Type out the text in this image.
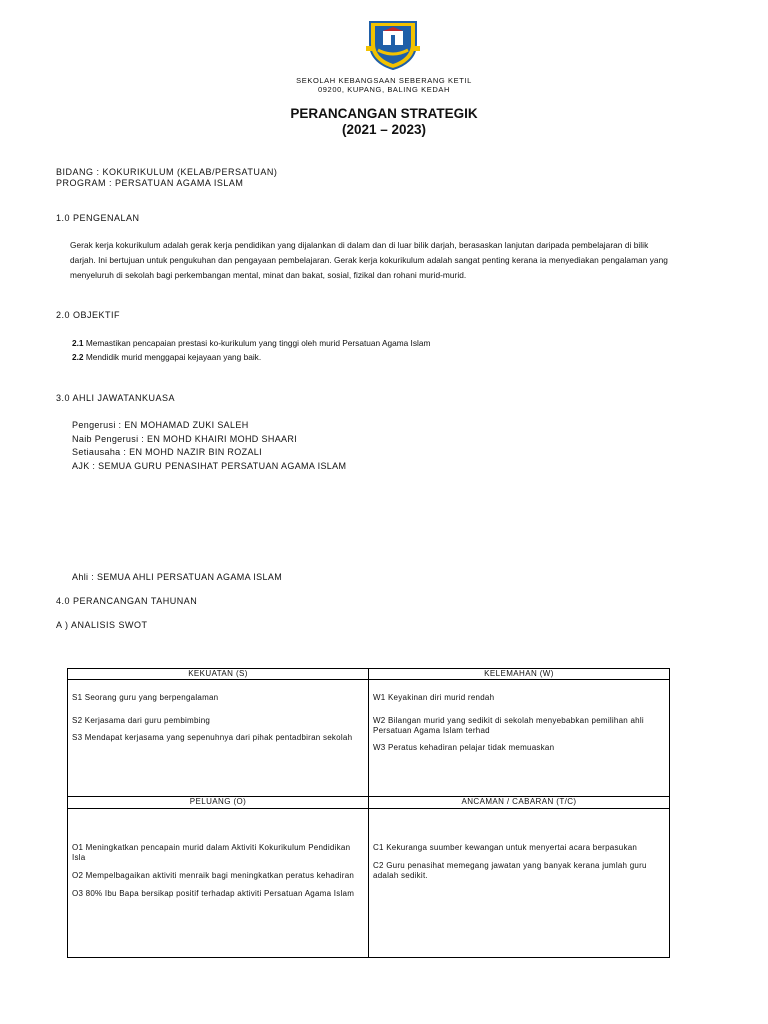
SEKOLAH KEBANGSAAN SEBERANG KETIL
09200, KUPANG, BALING KEDAH
PERANCANGAN STRATEGIK
(2021 – 2023)
BIDANG : KOKURIKULUM (KELAB/PERSATUAN)
PROGRAM : PERSATUAN AGAMA ISLAM
1.0 PENGENALAN
Gerak kerja kokurikulum adalah gerak kerja pendidikan yang dijalankan di dalam dan di luar bilik darjah, berasaskan lanjutan daripada pembelajaran di bilik
darjah. Ini bertujuan untuk pengukuhan dan pengayaan pembelajaran. Gerak kerja kokurikulum adalah sangat penting kerana ia menyediakan pengalaman yang
menyeluruh di sekolah bagi perkembangan mental, minat dan bakat, sosial, fizikal dan rohani murid-murid.
2.0 OBJEKTIF
2.1 Memastikan pencapaian prestasi ko-kurikulum yang tinggi oleh murid Persatuan Agama Islam
2.2 Mendidik murid menggapai kejayaan yang baik.
3.0 AHLI JAWATANKUASA
Pengerusi : EN MOHAMAD ZUKI SALEH
Naib Pengerusi : EN MOHD KHAIRI MOHD SHAARI
Setiausaha : EN MOHD NAZIR BIN ROZALI
AJK : SEMUA GURU PENASIHAT PERSATUAN AGAMA ISLAM
Ahli : SEMUA AHLI PERSATUAN AGAMA ISLAM
4.0 PERANCANGAN TAHUNAN
A ) ANALISIS SWOT
KEKUATAN (S)	KELEMAHAN (W)
PELUANG (O)	ANCAMAN / CABARAN (T/C)

S1 Seorang guru yang berpengalaman

S2 Kerjasama dari guru pembimbing

S3 Mendapat kerjasama yang sepenuhnya dari pihak pentadbiran sekolah

W1 Keyakinan diri murid rendah

W2 Bilangan murid yang sedikit di sekolah menyebabkan pemilihan ahli Persatuan Agama Islam terhad

W3 Peratus kehadiran pelajar tidak memuaskan

O1 Meningkatkan pencapain murid dalam Aktiviti Kokurikulum Pendidikan Isla

O2 Mempelbagaikan aktiviti menraik bagi meningkatkan peratus kehadiran

O3 80% Ibu Bapa bersikap positif terhadap aktiviti Persatuan Agama Islam

C1 Kekuranga suumber kewangan untuk menyertai acara berpasukan

C2 Guru penasihat memegang jawatan yang banyak kerana jumlah guru adalah sedikit.
